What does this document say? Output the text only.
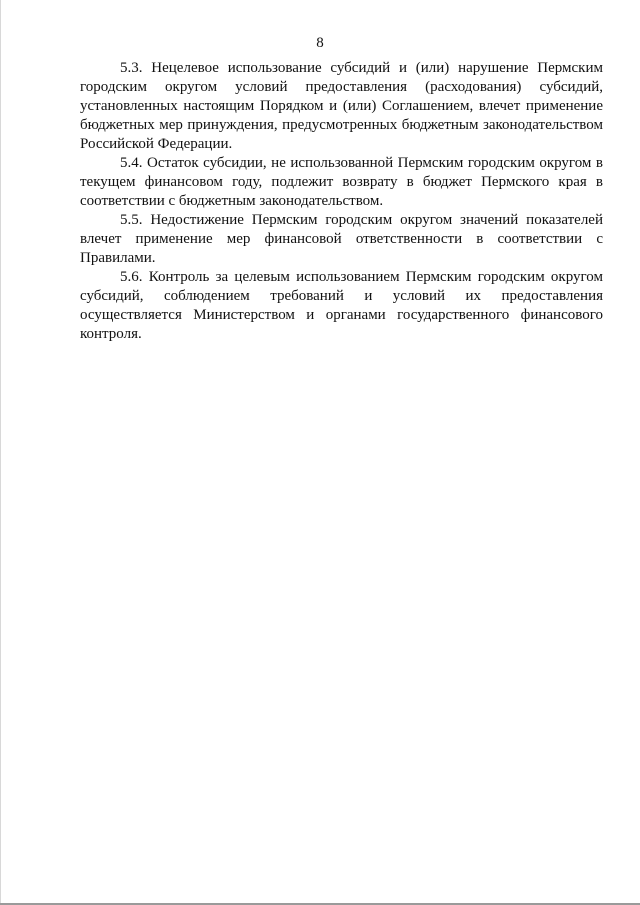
8

5.3. Нецелевое использование субсидий и (или) нарушение Пермским городским округом условий предоставления (расходования) субсидий, установленных настоящим Порядком и (или) Соглашением, влечет применение бюджетных мер принуждения, предусмотренных бюджетным законодательством Российской Федерации.

5.4. Остаток субсидии, не использованной Пермским городским округом в текущем финансовом году, подлежит возврату в бюджет Пермского края в соответствии с бюджетным законодательством.

5.5. Недостижение Пермским городским округом значений показателей влечет применение мер финансовой ответственности в соответствии с Правилами.

5.6. Контроль за целевым использованием Пермским городским округом субсидий, соблюдением требований и условий их предоставления осуществляется Министерством и органами государственного финансового контроля.
